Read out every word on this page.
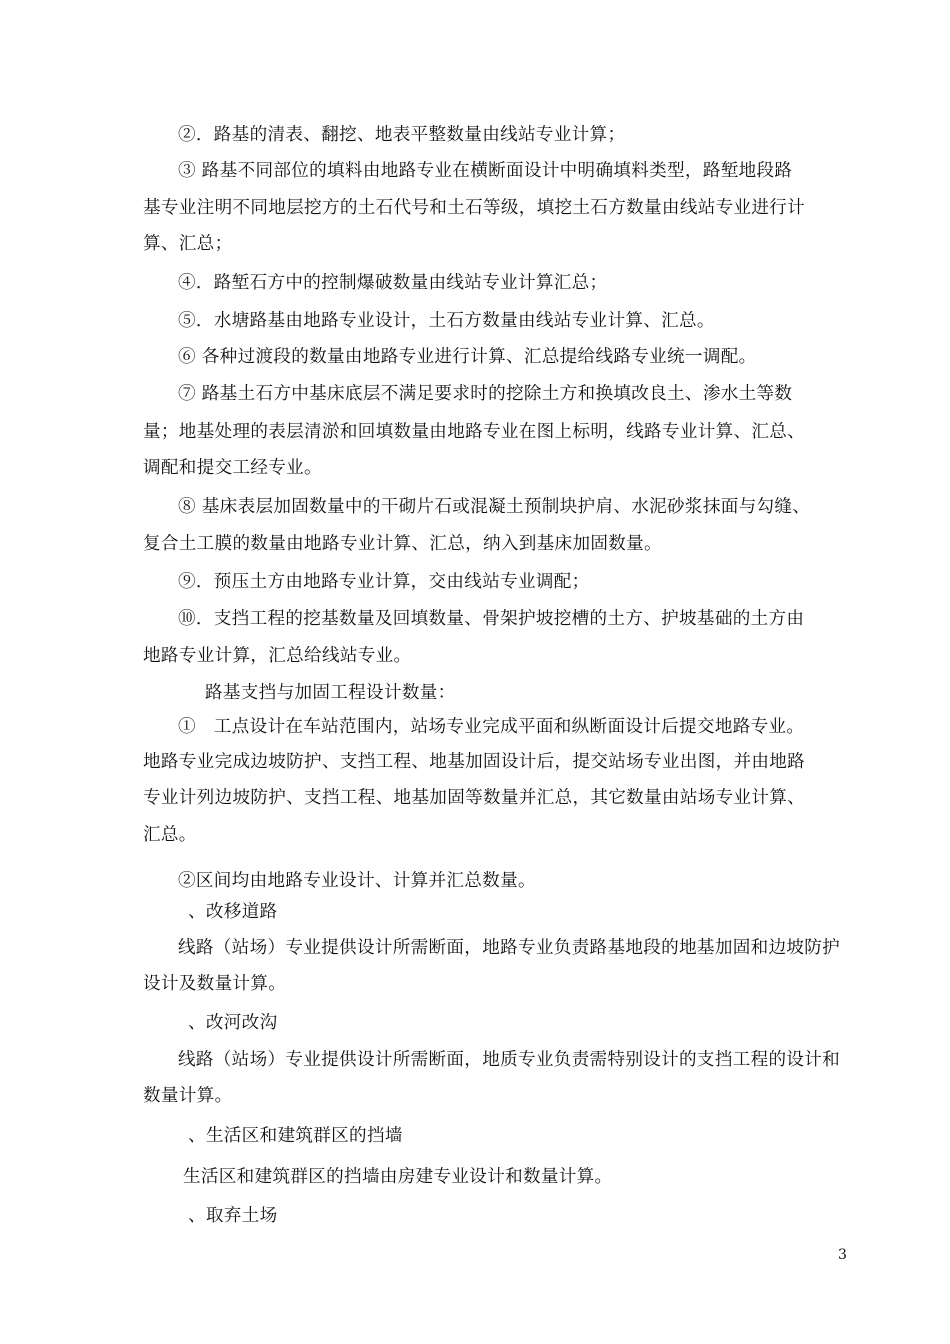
②．路基的清表、翻挖、地表平整数量由线站专业计算；
③ 路基不同部位的填料由地路专业在横断面设计中明确填料类型，路堑地段路
基专业注明不同地层挖方的土石代号和土石等级，填挖土石方数量由线站专业进行计
算、汇总；
④．路堑石方中的控制爆破数量由线站专业计算汇总；
⑤．水塘路基由地路专业设计，土石方数量由线站专业计算、汇总。
⑥ 各种过渡段的数量由地路专业进行计算、汇总提给线路专业统一调配。
⑦ 路基土石方中基床底层不满足要求时的挖除土方和换填改良土、渗水土等数
量；地基处理的表层清淤和回填数量由地路专业在图上标明，线路专业计算、汇总、
调配和提交工经专业。
⑧ 基床表层加固数量中的干砌片石或混凝土预制块护肩、水泥砂浆抹面与勾缝、
复合土工膜的数量由地路专业计算、汇总，纳入到基床加固数量。
⑨．预压土方由地路专业计算，交由线站专业调配；
⑩．支挡工程的挖基数量及回填数量、骨架护坡挖槽的土方、护坡基础的土方由
地路专业计算，汇总给线站专业。
路基支挡与加固工程设计数量：
①　工点设计在车站范围内，站场专业完成平面和纵断面设计后提交地路专业。
地路专业完成边坡防护、支挡工程、地基加固设计后，提交站场专业出图，并由地路
专业计列边坡防护、支挡工程、地基加固等数量并汇总，其它数量由站场专业计算、
汇总。
②区间均由地路专业设计、计算并汇总数量。
、改移道路
线路（站场）专业提供设计所需断面，地路专业负责路基地段的地基加固和边坡防护
设计及数量计算。
、改河改沟
线路（站场）专业提供设计所需断面，地质专业负责需特别设计的支挡工程的设计和
数量计算。
、生活区和建筑群区的挡墙
生活区和建筑群区的挡墙由房建专业设计和数量计算。
、取弃土场
3
